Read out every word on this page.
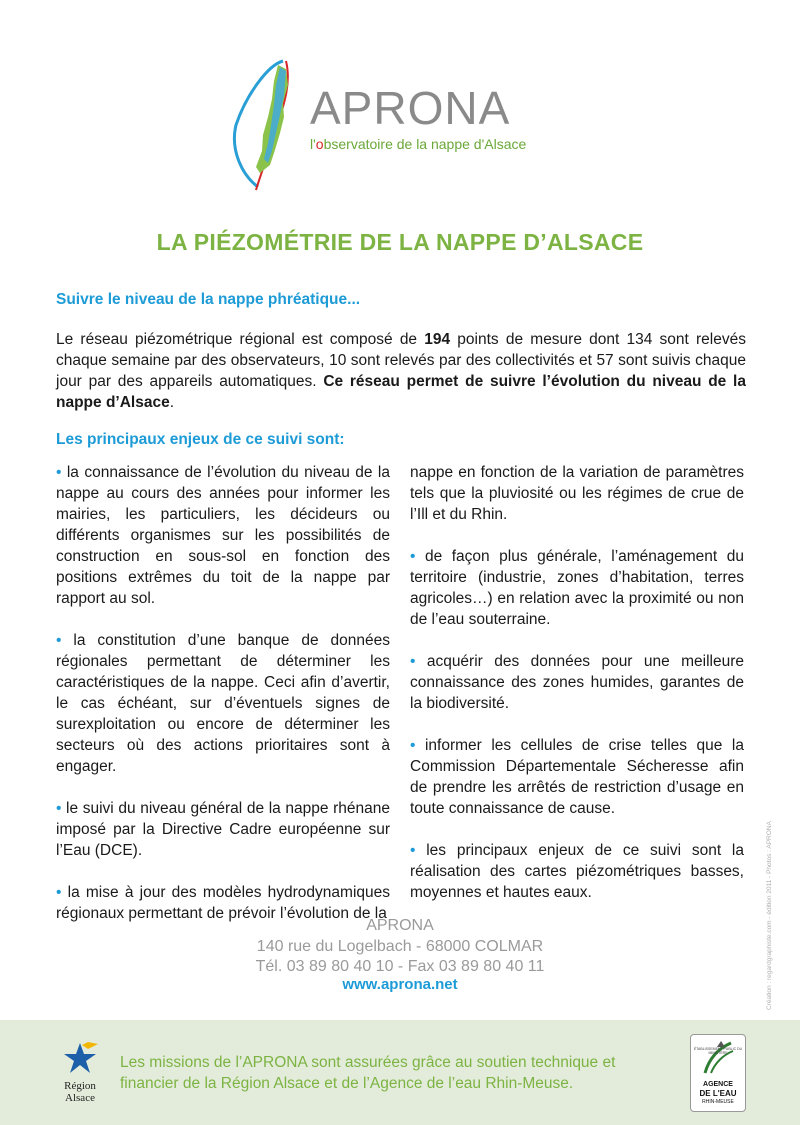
APRONA
l'observatoire de la nappe d'Alsace
LA PIÉZOMÉTRIE DE LA NAPPE D’ALSACE
Suivre le niveau de la nappe phréatique...
Le réseau piézométrique régional est composé de 194 points de mesure dont 134 sont relevés chaque semaine par des observateurs, 10 sont relevés par des collectivités et 57 sont suivis chaque jour par des appareils automatiques. Ce réseau permet de suivre l’évolution du niveau de la nappe d’Alsace.
Les principaux enjeux de ce suivi sont:

• la connaissance de l’évolution du niveau de la nappe au cours des années pour informer les mairies, les particuliers, les décideurs ou différents organismes sur les possibilités de construction en sous-sol en fonction des positions extrêmes du toit de la nappe par rapport au sol.

• la constitution d’une banque de données régionales permettant de déterminer les caractéristiques de la nappe. Ceci afin d’avertir, le cas échéant, sur d’éventuels signes de surexploitation ou encore de déterminer les secteurs où des actions prioritaires sont à engager.

• le suivi du niveau général de la nappe rhénane imposé par la Directive Cadre européenne sur l’Eau (DCE).

• la mise à jour des modèles hydrodynamiques régionaux permettant de prévoir l’évolution de la

nappe en fonction de la variation de paramètres tels que la pluviosité ou les régimes de crue de l’Ill et du Rhin.

• de façon plus générale, l’aménagement du territoire (industrie, zones d’habitation, terres agricoles…) en relation avec la proximité ou non de l’eau souterraine.

• acquérir des données pour une meilleure connaissance des zones humides, garantes de la biodiversité.

• informer les cellules de crise telles que la Commission Départementale Sécheresse afin de prendre les arrêtés de restriction d’usage en toute connaissance de cause.

• les principaux enjeux de ce suivi sont la réalisation des cartes piézométriques basses, moyennes et hautes eaux.

APRONA
140 rue du Logelbach - 68000 COLMAR
Tél. 03 89 80 40 10 - Fax 03 89 80 40 11
www.aprona.net	Création : regardgraphiste.com - édition 2011 - Photos : APRONA
Région Alsace
Les missions de l’APRONA sont assurées grâce au soutien technique et financier de la Région Alsace et de l’Agence de l’eau Rhin-Meuse.
ÉTABLISSEMENT PUBLIC DU MINISTÈRE
AGENCE
DE L'EAU
RHIN-MEUSE
